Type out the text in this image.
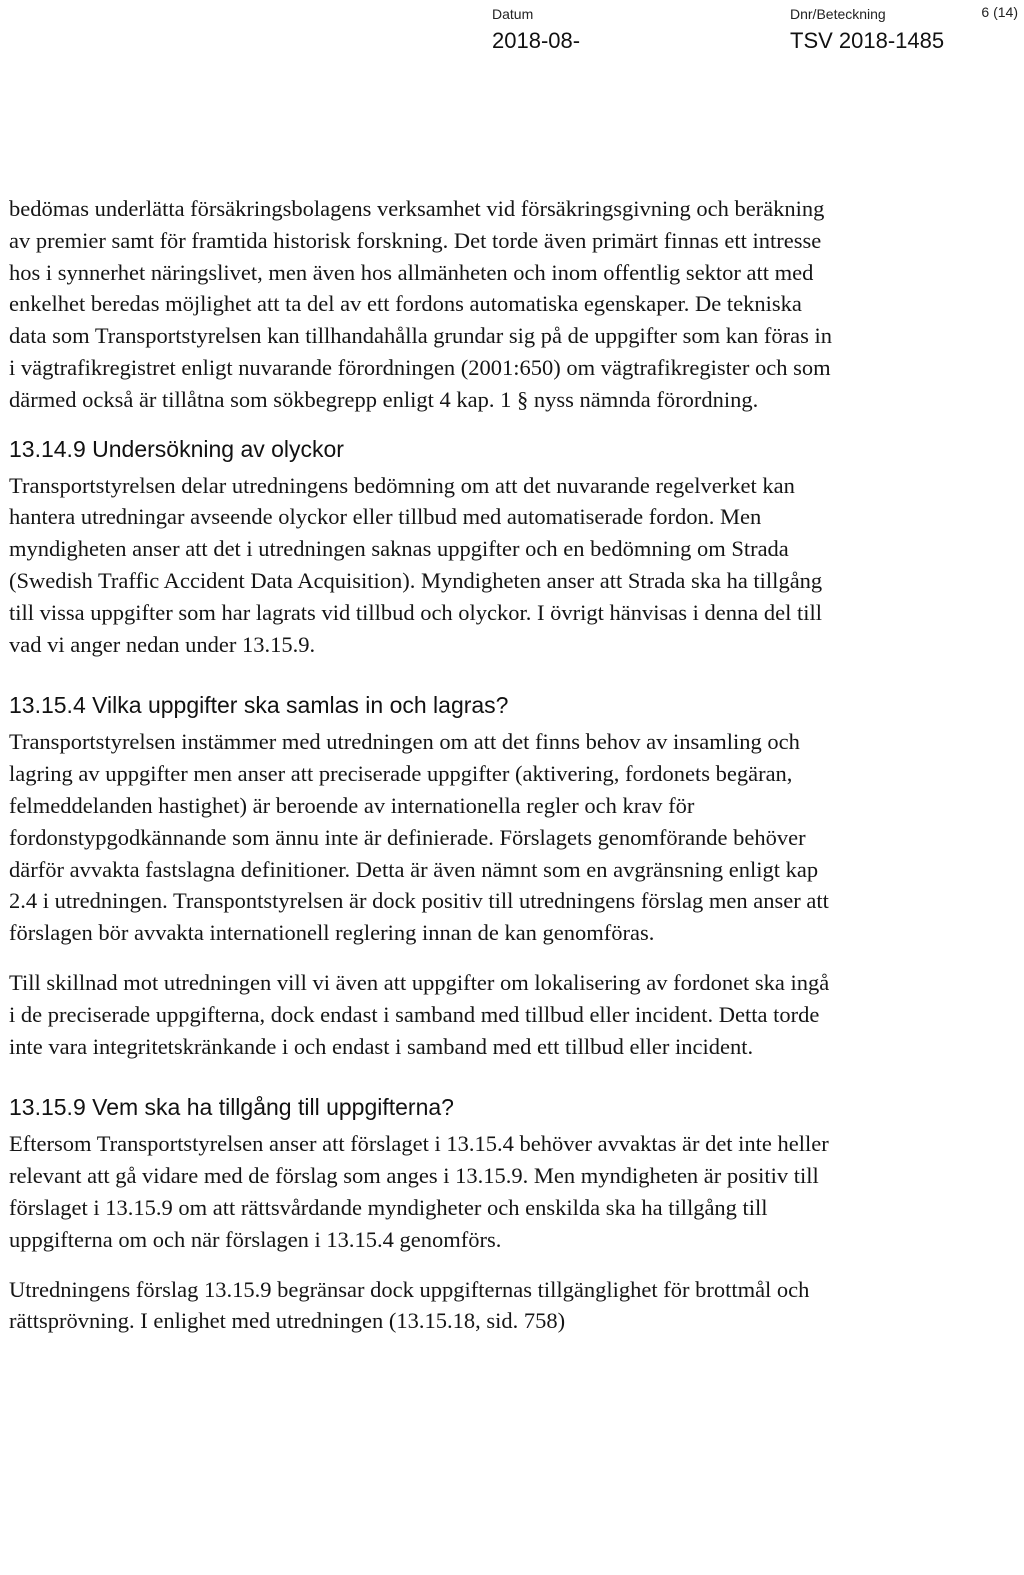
Datum
2018-08-
Dnr/Beteckning
TSV 2018-1485
6 (14)

bedömas underlätta försäkringsbolagens verksamhet vid försäkringsgivning och beräkning av premier samt för framtida historisk forskning. Det torde även primärt finnas ett intresse hos i synnerhet näringslivet, men även hos allmänheten och inom offentlig sektor att med enkelhet beredas möjlighet att ta del av ett fordons automatiska egenskaper. De tekniska data som Transportstyrelsen kan tillhandahålla grundar sig på de uppgifter som kan föras in i vägtrafikregistret enligt nuvarande förordningen (2001:650) om vägtrafikregister och som därmed också är tillåtna som sökbegrepp enligt 4 kap. 1 § nyss nämnda förordning.

13.14.9 Undersökning av olyckor

Transportstyrelsen delar utredningens bedömning om att det nuvarande regelverket kan hantera utredningar avseende olyckor eller tillbud med automatiserade fordon. Men myndigheten anser att det i utredningen saknas uppgifter och en bedömning om Strada (Swedish Traffic Accident Data Acquisition). Myndigheten anser att Strada ska ha tillgång till vissa uppgifter som har lagrats vid tillbud och olyckor. I övrigt hänvisas i denna del till vad vi anger nedan under 13.15.9.

13.15.4 Vilka uppgifter ska samlas in och lagras?

Transportstyrelsen instämmer med utredningen om att det finns behov av insamling och lagring av uppgifter men anser att preciserade uppgifter (aktivering, fordonets begäran, felmeddelanden hastighet) är beroende av internationella regler och krav för fordonstypgodkännande som ännu inte är definierade. Förslagets genomförande behöver därför avvakta fastslagna definitioner. Detta är även nämnt som en avgränsning enligt kap 2.4 i utredningen. Transpontstyrelsen är dock positiv till utredningens förslag men anser att förslagen bör avvakta internationell reglering innan de kan genomföras.

Till skillnad mot utredningen vill vi även att uppgifter om lokalisering av fordonet ska ingå i de preciserade uppgifterna, dock endast i samband med tillbud eller incident. Detta torde inte vara integritetskränkande i och endast i samband med ett tillbud eller incident.

13.15.9 Vem ska ha tillgång till uppgifterna?

Eftersom Transportstyrelsen anser att förslaget i 13.15.4 behöver avvaktas är det inte heller relevant att gå vidare med de förslag som anges i 13.15.9. Men myndigheten är positiv till förslaget i 13.15.9 om att rättsvårdande myndigheter och enskilda ska ha tillgång till uppgifterna om och när förslagen i 13.15.4 genomförs.

Utredningens förslag 13.15.9 begränsar dock uppgifternas tillgänglighet för brottmål och rättsprövning. I enlighet med utredningen (13.15.18, sid. 758)
